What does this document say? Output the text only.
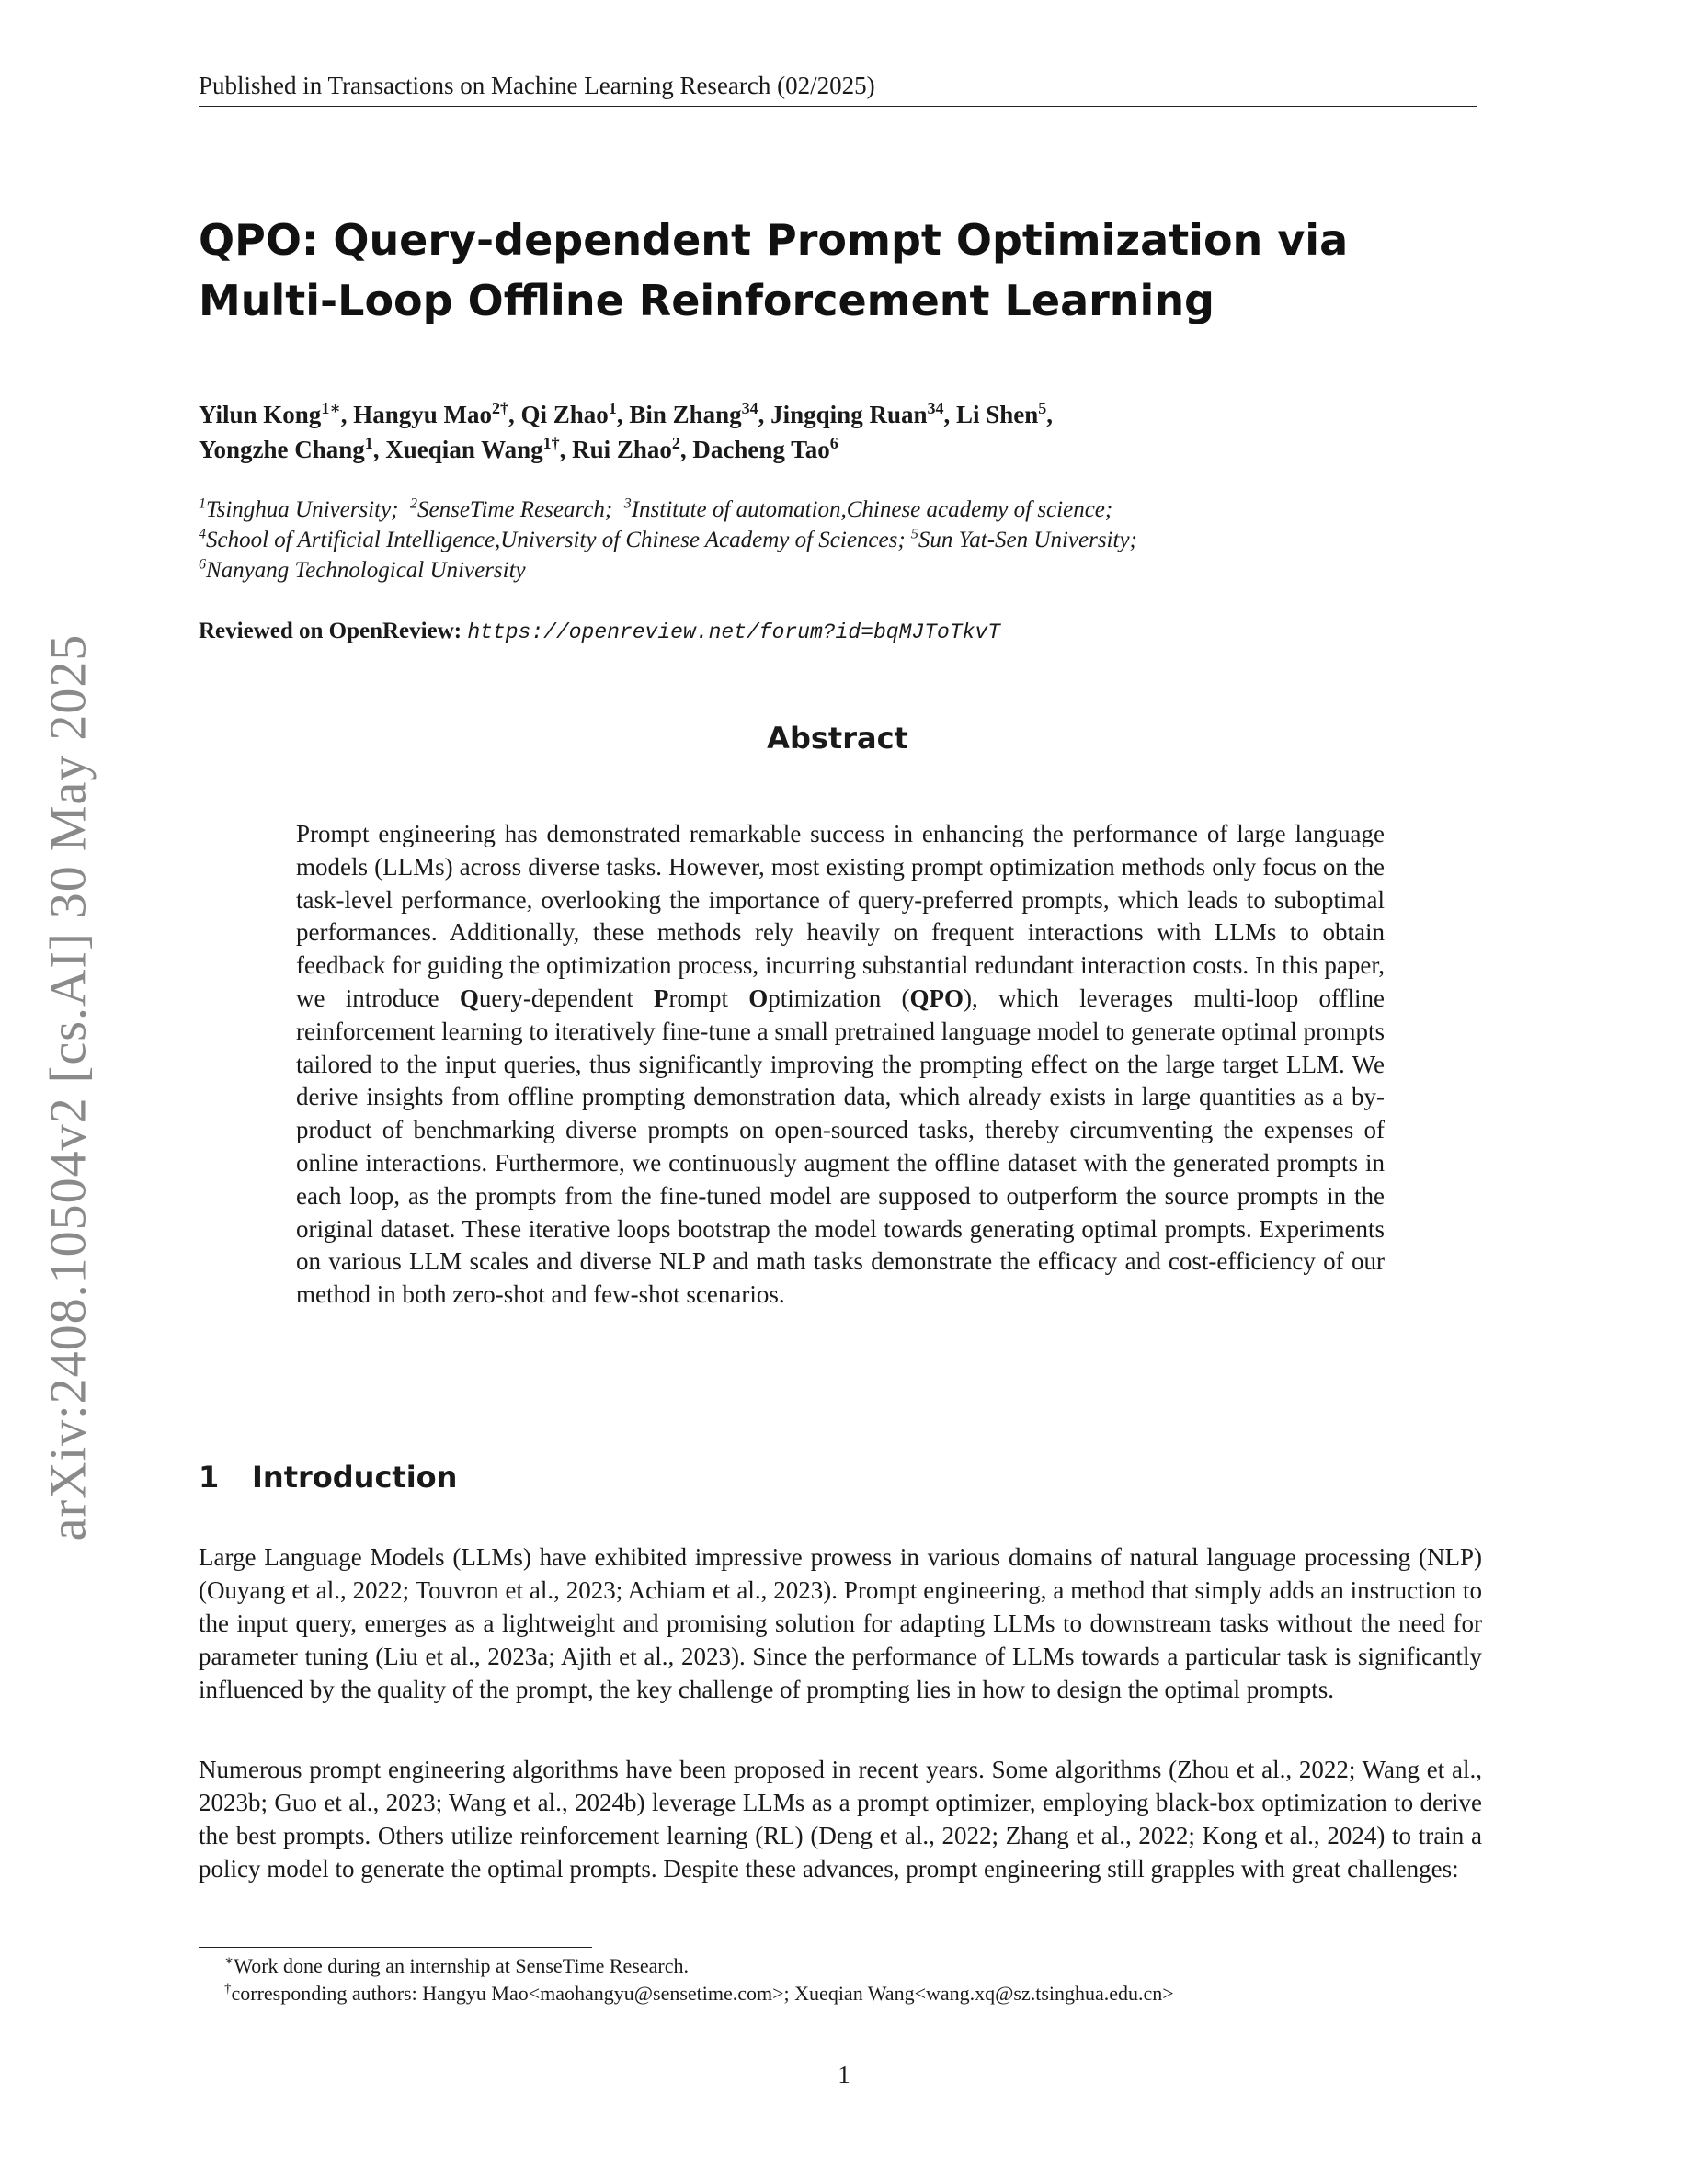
arXiv:2408.10504v2 [cs.AI] 30 May 2025
Published in Transactions on Machine Learning Research (02/2025)
QPO: Query-dependent Prompt Optimization via
Multi-Loop Offline Reinforcement Learning
Yilun Kong$^{1∗}$, Hangyu Mao$^{2\dagger}$, Qi Zhao$^1$, Bin Zhang$^{34}$, Jingqing Ruan$^{34}$, Li Shen$^5$,
Yongzhe Chang$^1$, Xueqian Wang$^{1\dagger}$, Rui Zhao$^2$, Dacheng Tao$^6$
$^1$Tsinghua University; $^2$SenseTime Research; $^3$Institute of automation,Chinese academy of science;
$^4$School of Artificial Intelligence,University of Chinese Academy of Sciences; $^5$Sun Yat-Sen University;
$^6$Nanyang Technological University
Reviewed on OpenReview: https://openreview.net/forum?id=bqMJToTkvT
Abstract
Prompt engineering has demonstrated remarkable success in enhancing the performance of large language models (LLMs) across diverse tasks. However, most existing prompt optimization methods only focus on the task-level performance, overlooking the importance of query-preferred prompts, which leads to suboptimal performances. Additionally, these methods rely heavily on frequent interactions with LLMs to obtain feedback for guiding the optimization process, incurring substantial redundant interaction costs. In this paper, we introduce Query-dependent Prompt Optimization (QPO), which leverages multi-loop offline reinforcement learning to iteratively fine-tune a small pretrained language model to generate optimal prompts tailored to the input queries, thus significantly improving the prompting effect on the large target LLM. We derive insights from offline prompting demonstration data, which already exists in large quantities as a by-product of benchmarking diverse prompts on open-sourced tasks, thereby circumventing the expenses of online interactions. Furthermore, we continuously augment the offline dataset with the generated prompts in each loop, as the prompts from the fine-tuned model are supposed to outperform the source prompts in the original dataset. These iterative loops bootstrap the model towards generating optimal prompts. Experiments on various LLM scales and diverse NLP and math tasks demonstrate the efficacy and cost-efficiency of our method in both zero-shot and few-shot scenarios.
1 Introduction
Large Language Models (LLMs) have exhibited impressive prowess in various domains of natural language processing (NLP) (Ouyang et al., 2022; Touvron et al., 2023; Achiam et al., 2023). Prompt engineering, a method that simply adds an instruction to the input query, emerges as a lightweight and promising solution for adapting LLMs to downstream tasks without the need for parameter tuning (Liu et al., 2023a; Ajith et al., 2023). Since the performance of LLMs towards a particular task is significantly influenced by the quality of the prompt, the key challenge of prompting lies in how to design the optimal prompts.
Numerous prompt engineering algorithms have been proposed in recent years. Some algorithms (Zhou et al., 2022; Wang et al., 2023b; Guo et al., 2023; Wang et al., 2024b) leverage LLMs as a prompt optimizer, employing black-box optimization to derive the best prompts. Others utilize reinforcement learning (RL) (Deng et al., 2022; Zhang et al., 2022; Kong et al., 2024) to train a policy model to generate the optimal prompts. Despite these advances, prompt engineering still grapples with great challenges:
∗Work done during an internship at SenseTime Research.
†corresponding authors: Hangyu Mao<maohangyu@sensetime.com>; Xueqian Wang<wang.xq@sz.tsinghua.edu.cn>
1
